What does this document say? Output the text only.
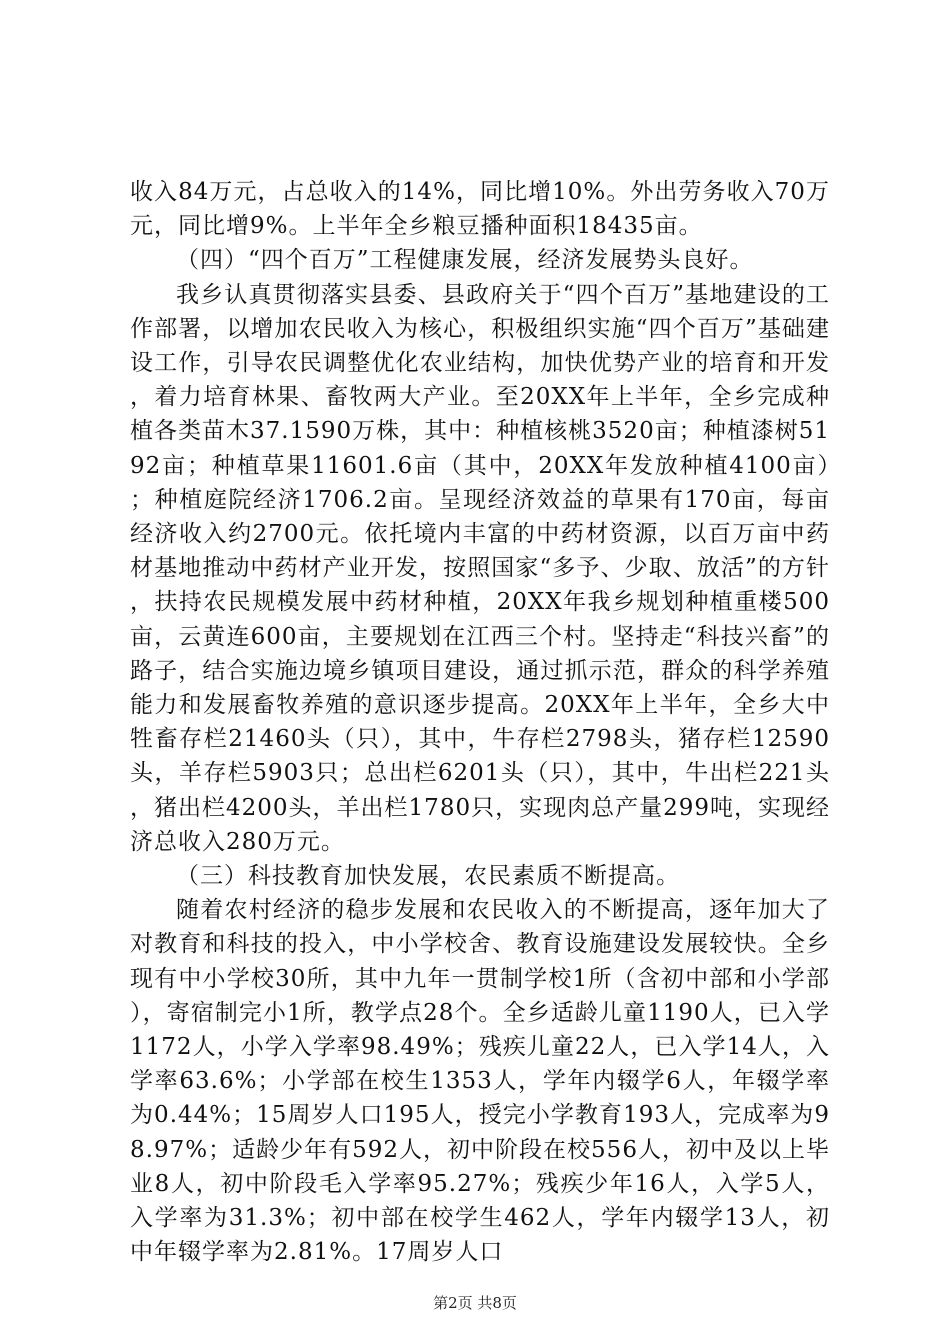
收入84万元，占总收入的14%，同比增10%。外出劳务收入70万元，同比增9%。上半年全乡粮豆播种面积18435亩。

（四）“四个百万”工程健康发展，经济发展势头良好。

我乡认真贯彻落实县委、县政府关于“四个百万”基地建设的工作部署，以增加农民收入为核心，积极组织实施“四个百万”基础建设工作，引导农民调整优化农业结构，加快优势产业的培育和开发，着力培育林果、畜牧两大产业。至20XX年上半年，全乡完成种植各类苗木37.1590万株，其中：种植核桃3520亩；种植漆树5192亩；种植草果11601.6亩（其中，20XX年发放种植4100亩）；种植庭院经济1706.2亩。呈现经济效益的草果有170亩，每亩经济收入约2700元。依托境内丰富的中药材资源，以百万亩中药材基地推动中药材产业开发，按照国家“多予、少取、放活”的方针，扶持农民规模发展中药材种植，20XX年我乡规划种植重楼500亩，云黄连600亩，主要规划在江西三个村。坚持走“科技兴畜”的路子，结合实施边境乡镇项目建设，通过抓示范，群众的科学养殖能力和发展畜牧养殖的意识逐步提高。20XX年上半年，全乡大中牲畜存栏21460头（只），其中，牛存栏2798头，猪存栏12590头，羊存栏5903只；总出栏6201头（只），其中，牛出栏221头，猪出栏4200头，羊出栏1780只，实现肉总产量299吨，实现经济总收入280万元。

（三）科技教育加快发展，农民素质不断提高。

随着农村经济的稳步发展和农民收入的不断提高，逐年加大了对教育和科技的投入，中小学校舍、教育设施建设发展较快。全乡现有中小学校30所，其中九年一贯制学校1所（含初中部和小学部），寄宿制完小1所，教学点28个。全乡适龄儿童1190人，已入学1172人，小学入学率98.49%；残疾儿童22人，已入学14人，入学率63.6%；小学部在校生1353人，学年内辍学6人，年辍学率为0.44%；15周岁人口195人，授完小学教育193人，完成率为98.97%；适龄少年有592人，初中阶段在校556人，初中及以上毕业8人，初中阶段毛入学率95.27%；残疾少年16人，入学5人，入学率为31.3%；初中部在校学生462人，学年内辍学13人，初中年辍学率为2.81%。17周岁人口

第2页 共8页
